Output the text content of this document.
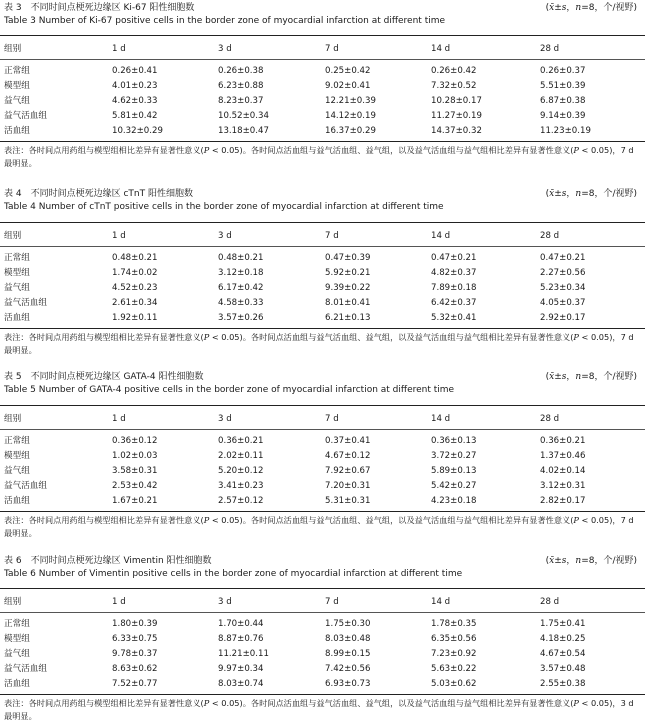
表 3　不同时间点梗死边缘区 Ki-67 阳性细胞数	(x̄±s，n=8，个/视野)
Table 3 Number of Ki-67 positive cells in the border zone of myocardial infarction at different time
组别	1 d	3 d	7 d	14 d	28 d
正常组	0.26±0.41	0.26±0.38	0.25±0.42	0.26±0.42	0.26±0.37
模型组	4.01±0.23	6.23±0.88	9.02±0.41	7.32±0.52	5.51±0.39
益气组	4.62±0.33	8.23±0.37	12.21±0.39	10.28±0.17	6.87±0.38
益气活血组	5.81±0.42	10.52±0.34	14.12±0.19	11.27±0.19	9.14±0.39
活血组	10.32±0.29	13.18±0.47	16.37±0.29	14.37±0.32	11.23±0.19
表注：各时间点用药组与模型组相比差异有显著性意义(P < 0.05)。各时间点活血组与益气活血组、益气组，以及益气活血组与益气组相比差异有显著性意义(P < 0.05)，7 d 最明显。
表 4　不同时间点梗死边缘区 cTnT 阳性细胞数	(x̄±s，n=8，个/视野)
Table 4 Number of cTnT positive cells in the border zone of myocardial infarction at different time
组别	1 d	3 d	7 d	14 d	28 d
正常组	0.48±0.21	0.48±0.21	0.47±0.39	0.47±0.21	0.47±0.21
模型组	1.74±0.02	3.12±0.18	5.92±0.21	4.82±0.37	2.27±0.56
益气组	4.52±0.23	6.17±0.42	9.39±0.22	7.89±0.18	5.23±0.34
益气活血组	2.61±0.34	4.58±0.33	8.01±0.41	6.42±0.37	4.05±0.37
活血组	1.92±0.11	3.57±0.26	6.21±0.13	5.32±0.41	2.92±0.17
表注：各时间点用药组与模型组相比差异有显著性意义(P < 0.05)。各时间点活血组与益气活血组、益气组，以及益气活血组与益气组相比差异有显著性意义(P < 0.05)，7 d 最明显。
表 5　不同时间点梗死边缘区 GATA-4 阳性细胞数	(x̄±s，n=8，个/视野)
Table 5 Number of GATA-4 positive cells in the border zone of myocardial infarction at different time
组别	1 d	3 d	7 d	14 d	28 d
正常组	0.36±0.12	0.36±0.21	0.37±0.41	0.36±0.13	0.36±0.21
模型组	1.02±0.03	2.02±0.11	4.67±0.12	3.72±0.27	1.37±0.46
益气组	3.58±0.31	5.20±0.12	7.92±0.67	5.89±0.13	4.02±0.14
益气活血组	2.53±0.42	3.41±0.23	7.20±0.31	5.42±0.27	3.12±0.31
活血组	1.67±0.21	2.57±0.12	5.31±0.31	4.23±0.18	2.82±0.17
表注：各时间点用药组与模型组相比差异有显著性意义(P < 0.05)。各时间点活血组与益气活血组、益气组，以及益气活血组与益气组相比差异有显著性意义(P < 0.05)，7 d 最明显。
表 6　不同时间点梗死边缘区 Vimentin 阳性细胞数	(x̄±s，n=8，个/视野)
Table 6 Number of Vimentin positive cells in the border zone of myocardial infarction at different time
组别	1 d	3 d	7 d	14 d	28 d
正常组	1.80±0.39	1.70±0.44	1.75±0.30	1.78±0.35	1.75±0.41
模型组	6.33±0.75	8.87±0.76	8.03±0.48	6.35±0.56	4.18±0.25
益气组	9.78±0.37	11.21±0.11	8.99±0.15	7.23±0.92	4.67±0.54
益气活血组	8.63±0.62	9.97±0.34	7.42±0.56	5.63±0.22	3.57±0.48
活血组	7.52±0.77	8.03±0.74	6.93±0.73	5.03±0.62	2.55±0.38
表注：各时间点用药组与模型组相比差异有显著性意义(P < 0.05)。各时间点活血组与益气活血组、益气组，以及益气活血组与益气组相比差异有显著性意义(P < 0.05)，3 d 最明显。
